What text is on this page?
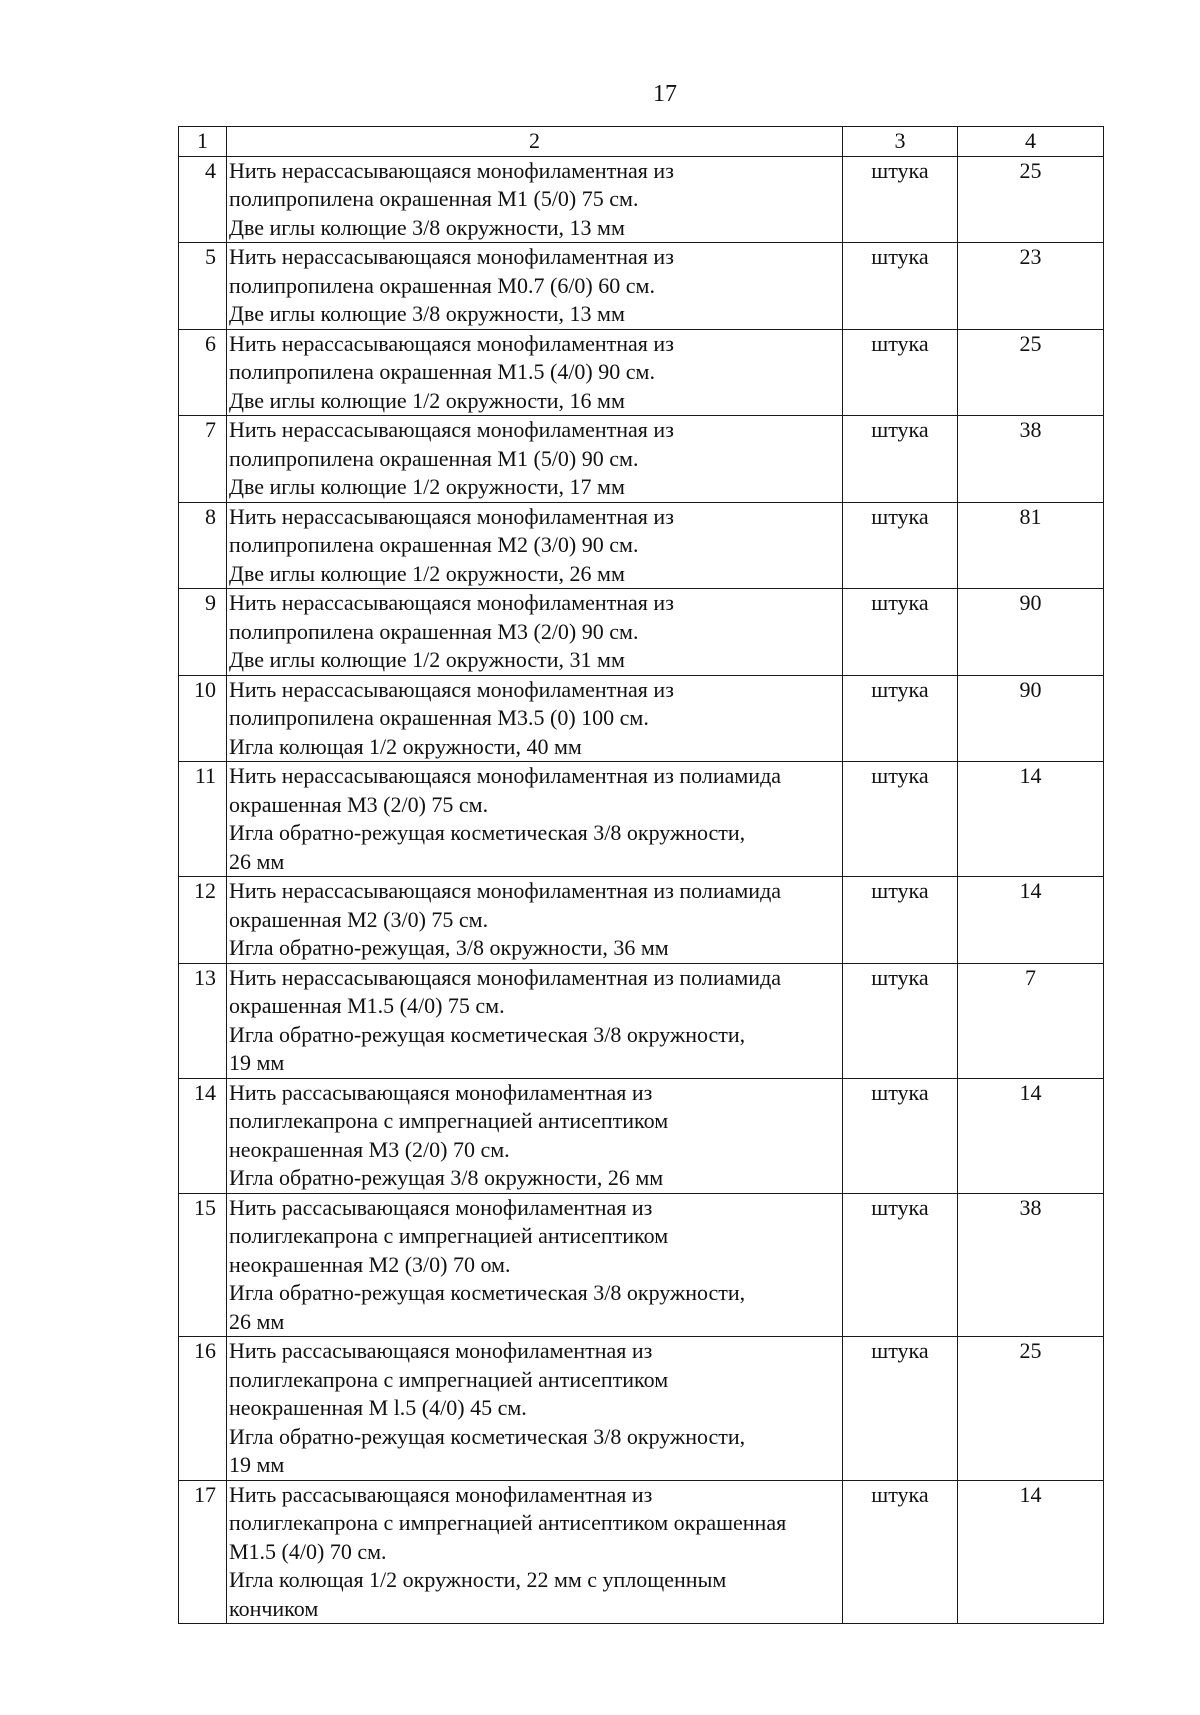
17
1	2	3	4
4	Нить нерассасывающаяся монофиламентная из
полипропилена окрашенная М1 (5/0) 75 см.
Две иглы колющие 3/8 окружности, 13 мм	штука	25
5	Нить нерассасывающаяся монофиламентная из
полипропилена окрашенная М0.7 (6/0) 60 см.
Две иглы колющие 3/8 окружности, 13 мм	штука	23
6	Нить нерассасывающаяся монофиламентная из
полипропилена окрашенная М1.5 (4/0) 90 см.
Две иглы колющие 1/2 окружности, 16 мм	штука	25
7	Нить нерассасывающаяся монофиламентная из
полипропилена окрашенная М1 (5/0) 90 см.
Две иглы колющие 1/2 окружности, 17 мм	штука	38
8	Нить нерассасывающаяся монофиламентная из
полипропилена окрашенная М2 (3/0) 90 см.
Две иглы колющие 1/2 окружности, 26 мм	штука	81
9	Нить нерассасывающаяся монофиламентная из
полипропилена окрашенная М3 (2/0) 90 см.
Две иглы колющие 1/2 окружности, 31 мм	штука	90
10	Нить нерассасывающаяся монофиламентная из
полипропилена окрашенная М3.5 (0) 100 см.
Игла колющая 1/2 окружности, 40 мм	штука	90
11	Нить нерассасывающаяся монофиламентная из полиамида
окрашенная М3 (2/0) 75 см.
Игла обратно-режущая косметическая 3/8 окружности,
26 мм	штука	14
12	Нить нерассасывающаяся монофиламентная из полиамида
окрашенная М2 (3/0) 75 см.
Игла обратно-режущая, 3/8 окружности, 36 мм	штука	14
13	Нить нерассасывающаяся монофиламентная из полиамида
окрашенная М1.5 (4/0) 75 см.
Игла обратно-режущая косметическая 3/8 окружности,
19 мм	штука	7
14	Нить рассасывающаяся монофиламентная из
полиглекапрона с импрегнацией антисептиком
неокрашенная М3 (2/0) 70 см.
Игла обратно-режущая 3/8 окружности, 26 мм	штука	14
15	Нить рассасывающаяся монофиламентная из
полиглекапрона с импрегнацией антисептиком
неокрашенная М2 (3/0) 70 ом.
Игла обратно-режущая косметическая 3/8 окружности,
26 мм	штука	38
16	Нить рассасывающаяся монофиламентная из
полиглекапрона с импрегнацией антисептиком
неокрашенная М l.5 (4/0) 45 см.
Игла обратно-режущая косметическая 3/8 окружности,
19 мм	штука	25
17	Нить рассасывающаяся монофиламентная из
полиглекапрона с импрегнацией антисептиком окрашенная
М1.5 (4/0) 70 см.
Игла колющая 1/2 окружности, 22 мм с уплощенным
кончиком	штука	14
